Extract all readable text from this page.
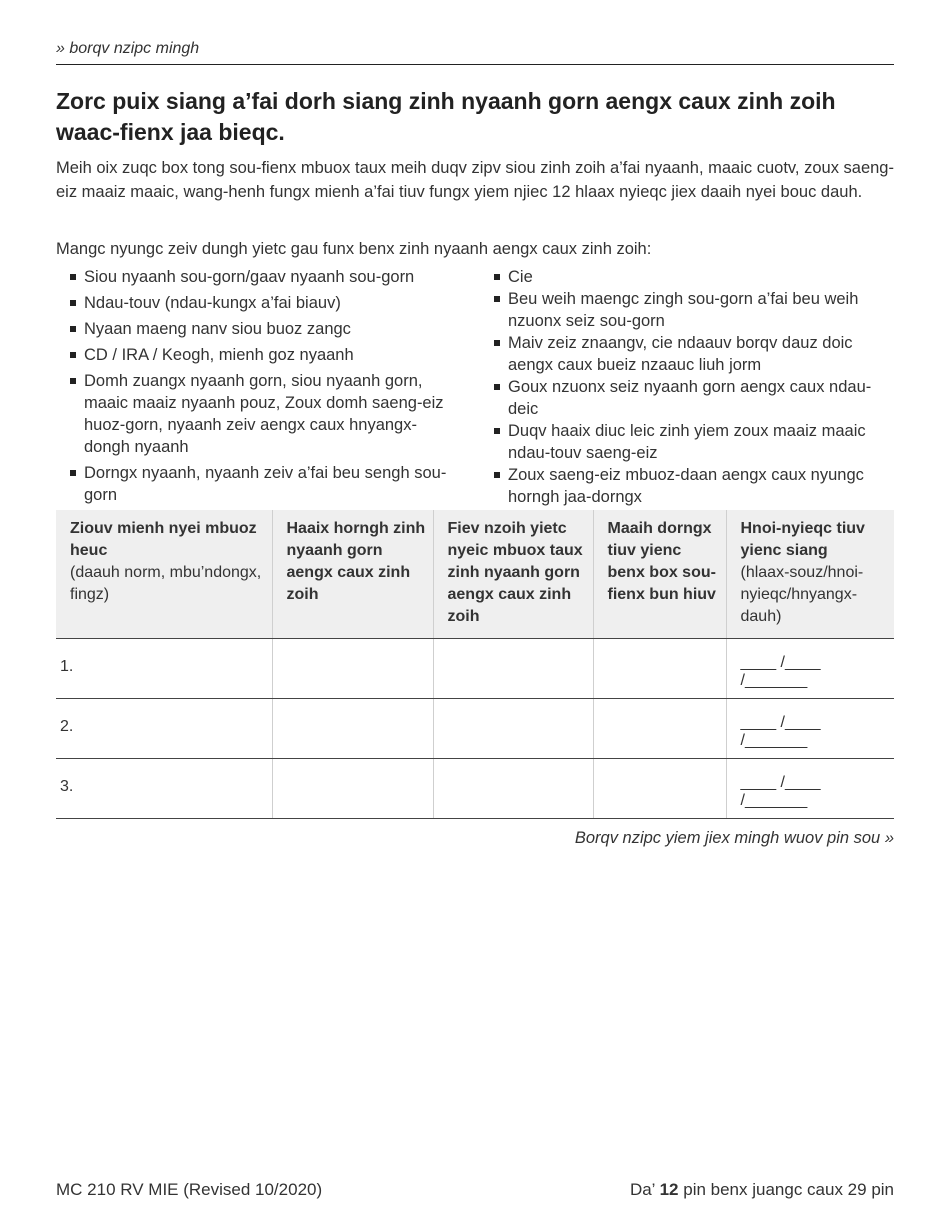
» borqv nzipc mingh
Zorc puix siang a’fai dorh siang zinh nyaanh gorn aengx caux zinh zoih waac-fienx jaa bieqc.

Meih oix zuqc box tong sou-fienx mbuox taux meih duqv zipv siou zinh zoih a’fai nyaanh, maaic cuotv, zoux saeng-eiz maaiz maaic, wang-henh fungx mienh a’fai tiuv fungx yiem njiec 12 hlaax nyieqc jiex daaih nyei bouc dauh.

Mangc nyungc zeiv dungh yietc gau funx benx zinh nyaanh aengx caux zinh zoih:

Siou nyaanh sou-gorn/gaav nyaanh sou-gorn
Ndau-touv (ndau-kungx a’fai biauv)
Nyaan maeng nanv siou buoz zangc
CD / IRA / Keogh, mienh goz nyaanh
Domh zuangx nyaanh gorn, siou nyaanh gorn, maaic maaiz nyaanh pouz, Zoux domh saeng-eiz huoz-gorn, nyaanh zeiv aengx caux hnyangx-dongh nyaanh
Dorngx nyaanh, nyaanh zeiv a’fai beu sengh sou-gorn
Cie
Beu weih maengc zingh sou-gorn a’fai beu weih nzuonx seiz sou-gorn
Maiv zeiz znaangv, cie ndaauv borqv dauz doic aengx caux bueiz nzaauc liuh jorm
Goux nzuonx seiz nyaanh gorn aengx caux ndau-deic
Duqv haaix diuc leic zinh yiem zoux maaiz maaic ndau-touv saeng-eiz
Zoux saeng-eiz mbuoz-daan aengx caux nyungc horngh jaa-dorngx
Ziouv mienh nyei mbuoz heuc
(daauh norm, mbu’ndongx, fingz)	Haaix horngh zinh nyaanh gorn aengx caux zinh zoih	Fiev nzoih yietc nyeic mbuox taux zinh nyaanh gorn aengx caux zinh zoih	Maaih dorngx tiuv yienc benx box sou-fienx bun hiuv	Hnoi-nyieqc tiuv yienc siang
(hlaax-souz/hnoi-nyieqc/hnyangx-dauh)
1.				____ /____ /_______
2.				____ /____ /_______
3.				____ /____ /_______
Borqv nzipc yiem jiex mingh wuov pin sou »
MC 210 RV MIE (Revised 10/2020)	Da’ 12 pin benx juangc caux 29 pin
